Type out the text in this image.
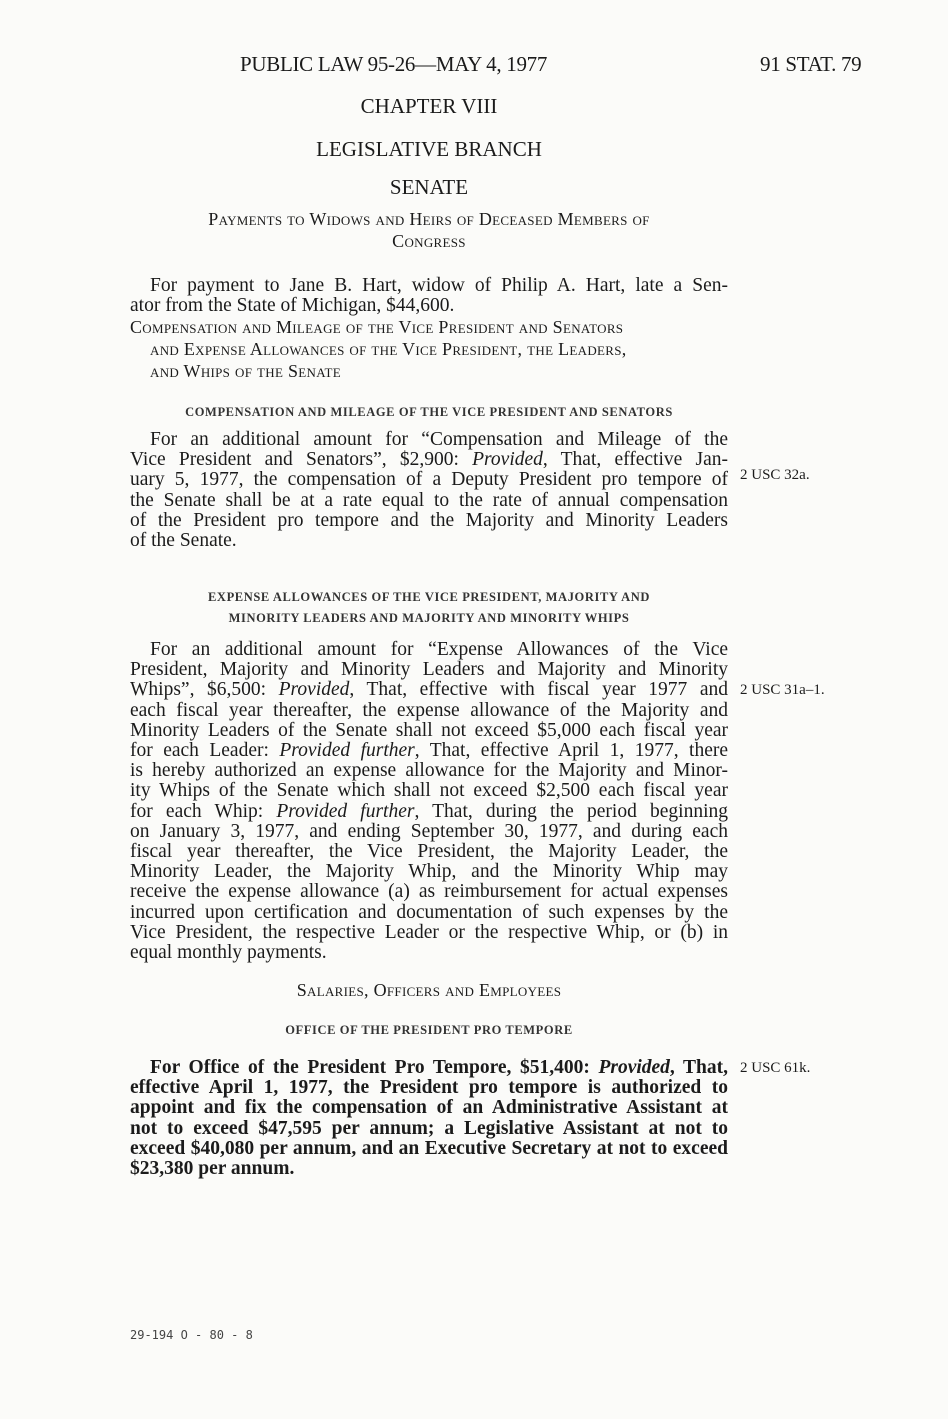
PUBLIC LAW 95-26—MAY 4, 1977	91 STAT. 79
CHAPTER VIII
LEGISLATIVE BRANCH
SENATE
Payments to Widows and Heirs of Deceased Members of
Congress
For payment to Jane B. Hart, widow of Philip A. Hart, late a Sen-
ator from the State of Michigan, $44,600.
Compensation and Mileage of the Vice President and Senators
and Expense Allowances of the Vice President, the Leaders,
and Whips of the Senate
COMPENSATION AND MILEAGE OF THE VICE PRESIDENT AND SENATORS
For an additional amount for “Compensation and Mileage of the
Vice President and Senators”, $2,900: Provided, That, effective Jan-
uary 5, 1977, the compensation of a Deputy President pro tempore of
the Senate shall be at a rate equal to the rate of annual compensation
of the President pro tempore and the Majority and Minority Leaders
of the Senate.
2 USC 32a.
EXPENSE ALLOWANCES OF THE VICE PRESIDENT, MAJORITY AND
MINORITY LEADERS AND MAJORITY AND MINORITY WHIPS
For an additional amount for “Expense Allowances of the Vice
President, Majority and Minority Leaders and Majority and Minority
Whips”, $6,500: Provided, That, effective with fiscal year 1977 and
each fiscal year thereafter, the expense allowance of the Majority and
Minority Leaders of the Senate shall not exceed $5,000 each fiscal year
for each Leader: Provided further, That, effective April 1, 1977, there
is hereby authorized an expense allowance for the Majority and Minor-
ity Whips of the Senate which shall not exceed $2,500 each fiscal year
for each Whip: Provided further, That, during the period beginning
on January 3, 1977, and ending September 30, 1977, and during each
fiscal year thereafter, the Vice President, the Majority Leader, the
Minority Leader, the Majority Whip, and the Minority Whip may
receive the expense allowance (a) as reimbursement for actual expenses
incurred upon certification and documentation of such expenses by the
Vice President, the respective Leader or the respective Whip, or (b) in
equal monthly payments.
2 USC 31a–1.
Salaries, Officers and Employees
OFFICE OF THE PRESIDENT PRO TEMPORE
For Office of the President Pro Tempore, $51,400: Provided, That,
effective April 1, 1977, the President pro tempore is authorized to
appoint and fix the compensation of an Administrative Assistant at
not to exceed $47,595 per annum; a Legislative Assistant at not to
exceed $40,080 per annum, and an Executive Secretary at not to exceed
$23,380 per annum.
2 USC 61k.
29-194 O - 80 - 8
